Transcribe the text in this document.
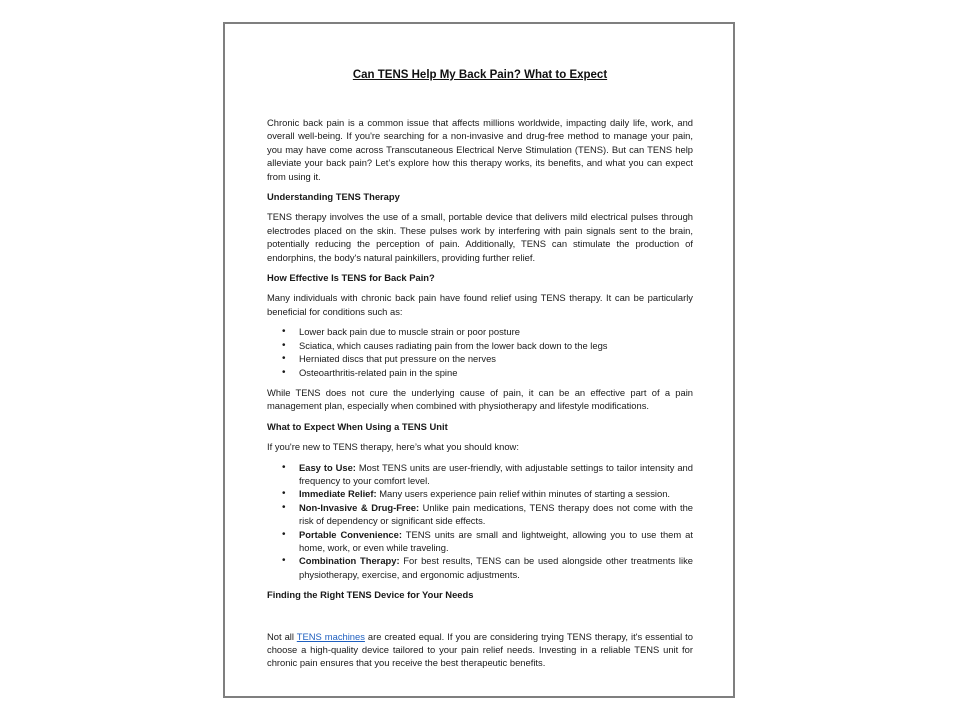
Can TENS Help My Back Pain? What to Expect

Chronic back pain is a common issue that affects millions worldwide, impacting daily life, work, and overall well-being. If you're searching for a non-invasive and drug-free method to manage your pain, you may have come across Transcutaneous Electrical Nerve Stimulation (TENS). But can TENS help alleviate your back pain? Let’s explore how this therapy works, its benefits, and what you can expect from using it.

Understanding TENS Therapy

TENS therapy involves the use of a small, portable device that delivers mild electrical pulses through electrodes placed on the skin. These pulses work by interfering with pain signals sent to the brain, potentially reducing the perception of pain. Additionally, TENS can stimulate the production of endorphins, the body's natural painkillers, providing further relief.

How Effective Is TENS for Back Pain?

Many individuals with chronic back pain have found relief using TENS therapy. It can be particularly beneficial for conditions such as:

• Lower back pain due to muscle strain or poor posture
• Sciatica, which causes radiating pain from the lower back down to the legs
• Herniated discs that put pressure on the nerves
• Osteoarthritis-related pain in the spine

While TENS does not cure the underlying cause of pain, it can be an effective part of a pain management plan, especially when combined with physiotherapy and lifestyle modifications.

What to Expect When Using a TENS Unit

If you're new to TENS therapy, here’s what you should know:

• Easy to Use: Most TENS units are user-friendly, with adjustable settings to tailor intensity and frequency to your comfort level.
• Immediate Relief: Many users experience pain relief within minutes of starting a session.
• Non-Invasive & Drug-Free: Unlike pain medications, TENS therapy does not come with the risk of dependency or significant side effects.
• Portable Convenience: TENS units are small and lightweight, allowing you to use them at home, work, or even while traveling.
• Combination Therapy: For best results, TENS can be used alongside other treatments like physiotherapy, exercise, and ergonomic adjustments.
Finding the Right TENS Device for Your Needs

Not all TENS machines are created equal. If you are considering trying TENS therapy, it's essential to choose a high-quality device tailored to your pain relief needs. Investing in a reliable TENS unit for chronic pain ensures that you receive the best therapeutic benefits.
